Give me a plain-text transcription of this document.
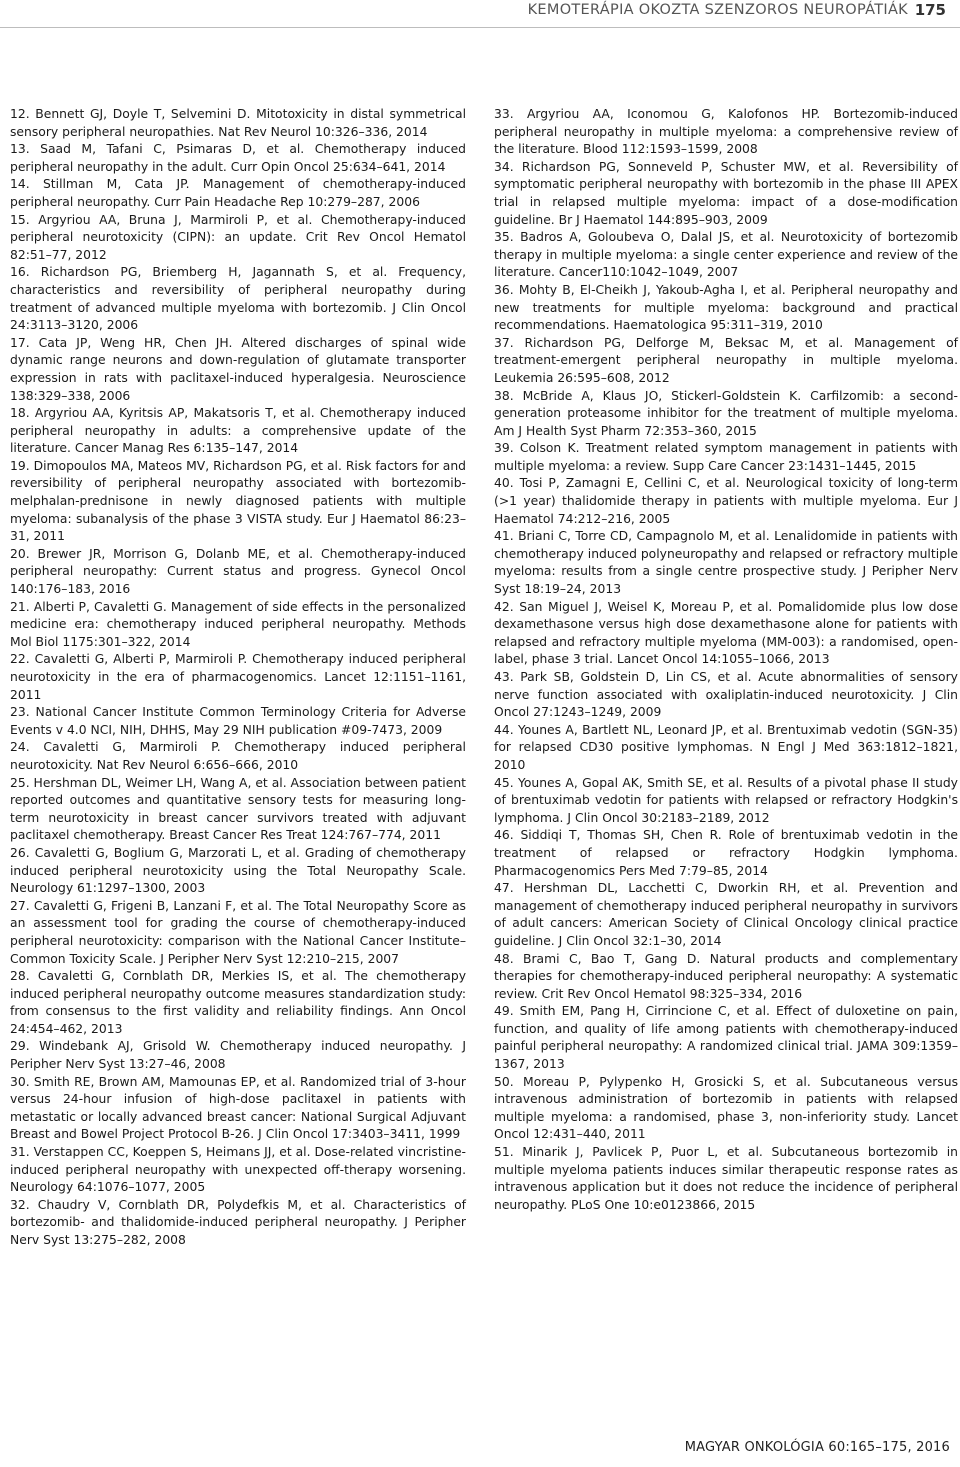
KEMOTERÁPIA OKOZTA SZENZOROS NEUROPÁTIÁK 175

12. Bennett GJ, Doyle T, Selvemini D. Mitotoxicity in distal symmetrical sensory peripheral neuropathies. Nat Rev Neurol 10:326–336, 2014

13. Saad M, Tafani C, Psimaras D, et al. Chemotherapy induced peripheral neuropathy in the adult. Curr Opin Oncol 25:634–641, 2014

14. Stillman M, Cata JP. Management of chemotherapy-induced peripheral neuropathy. Curr Pain Headache Rep 10:279–287, 2006

15. Argyriou AA, Bruna J, Marmiroli P, et al. Chemotherapy-induced peripheral neurotoxicity (CIPN): an update. Crit Rev Oncol Hematol 82:51–77, 2012

16. Richardson PG, Briemberg H, Jagannath S, et al. Frequency, characteristics and reversibility of peripheral neuropathy during treatment of advanced multiple myeloma with bortezomib. J Clin Oncol 24:3113–3120, 2006

17. Cata JP, Weng HR, Chen JH. Altered discharges of spinal wide dynamic range neurons and down-regulation of glutamate transporter expression in rats with paclitaxel-induced hyperalgesia. Neuroscience 138:329–338, 2006

18. Argyriou AA, Kyritsis AP, Makatsoris T, et al. Chemotherapy induced peripheral neuropathy in adults: a comprehensive update of the literature. Cancer Manag Res 6:135–147, 2014

19. Dimopoulos MA, Mateos MV, Richardson PG, et al. Risk factors for and reversibility of peripheral neuropathy associated with bortezomib-melphalan-prednisone in newly diagnosed patients with multiple myeloma: subanalysis of the phase 3 VISTA study. Eur J Haematol 86:23–31, 2011

20. Brewer JR, Morrison G, Dolanb ME, et al. Chemotherapy-induced peripheral neuropathy: Current status and progress. Gynecol Oncol 140:176–183, 2016

21. Alberti P, Cavaletti G. Management of side effects in the personalized medicine era: chemotherapy induced peripheral neuropathy. Methods Mol Biol 1175:301–322, 2014

22. Cavaletti G, Alberti P, Marmiroli P. Chemotherapy induced peripheral neurotoxicity in the era of pharmacogenomics. Lancet 12:1151–1161, 2011

23. National Cancer Institute Common Terminology Criteria for Adverse Events v 4.0 NCI, NIH, DHHS, May 29 NIH publication #09-7473, 2009

24. Cavaletti G, Marmiroli P. Chemotherapy induced peripheral neurotoxicity. Nat Rev Neurol 6:656–666, 2010

25. Hershman DL, Weimer LH, Wang A, et al. Association between patient reported outcomes and quantitative sensory tests for measuring long-term neurotoxicity in breast cancer survivors treated with adjuvant paclitaxel chemotherapy. Breast Cancer Res Treat 124:767–774, 2011

26. Cavaletti G, Boglium G, Marzorati L, et al. Grading of chemotherapy induced peripheral neurotoxicity using the Total Neuropathy Scale. Neurology 61:1297–1300, 2003

27. Cavaletti G, Frigeni B, Lanzani F, et al. The Total Neuropathy Score as an assessment tool for grading the course of chemotherapy-induced peripheral neurotoxicity: comparison with the National Cancer Institute–Common Toxicity Scale. J Peripher Nerv Syst 12:210–215, 2007

28. Cavaletti G, Cornblath DR, Merkies IS, et al. The chemotherapy induced peripheral neuropathy outcome measures standardization study: from consensus to the first validity and reliability findings. Ann Oncol 24:454–462, 2013

29. Windebank AJ, Grisold W. Chemotherapy induced neuropathy. J Peripher Nerv Syst 13:27–46, 2008

30. Smith RE, Brown AM, Mamounas EP, et al. Randomized trial of 3-hour versus 24-hour infusion of high-dose paclitaxel in patients with metastatic or locally advanced breast cancer: National Surgical Adjuvant Breast and Bowel Project Protocol B-26. J Clin Oncol 17:3403–3411, 1999

31. Verstappen CC, Koeppen S, Heimans JJ, et al. Dose-related vincristine-induced peripheral neuropathy with unexpected off-therapy worsening. Neurology 64:1076–1077, 2005

32. Chaudry V, Cornblath DR, Polydefkis M, et al. Characteristics of bortezomib- and thalidomide-induced peripheral neuropathy. J Peripher Nerv Syst 13:275–282, 2008

33. Argyriou AA, Iconomou G, Kalofonos HP. Bortezomib-induced peripheral neuropathy in multiple myeloma: a comprehensive review of the literature. Blood 112:1593–1599, 2008

34. Richardson PG, Sonneveld P, Schuster MW, et al. Reversibility of symptomatic peripheral neuropathy with bortezomib in the phase III APEX trial in relapsed multiple myeloma: impact of a dose-modification guideline. Br J Haematol 144:895–903, 2009

35. Badros A, Goloubeva O, Dalal JS, et al. Neurotoxicity of bortezomib therapy in multiple myeloma: a single center experience and review of the literature. Cancer110:1042–1049, 2007

36. Mohty B, El-Cheikh J, Yakoub-Agha I, et al. Peripheral neuropathy and new treatments for multiple myeloma: background and practical recommendations. Haematologica 95:311–319, 2010

37. Richardson PG, Delforge M, Beksac M, et al. Management of treatment-emergent peripheral neuropathy in multiple myeloma. Leukemia 26:595–608, 2012

38. McBride A, Klaus JO, Stickerl-Goldstein K. Carfilzomib: a second-generation proteasome inhibitor for the treatment of multiple myeloma. Am J Health Syst Pharm 72:353–360, 2015

39. Colson K. Treatment related symptom management in patients with multiple myeloma: a review. Supp Care Cancer 23:1431–1445, 2015

40. Tosi P, Zamagni E, Cellini C, et al. Neurological toxicity of long-term (>1 year) thalidomide therapy in patients with multiple myeloma. Eur J Haematol 74:212–216, 2005

41. Briani C, Torre CD, Campagnolo M, et al. Lenalidomide in patients with chemotherapy induced polyneuropathy and relapsed or refractory multiple myeloma: results from a single centre prospective study. J Peripher Nerv Syst 18:19–24, 2013

42. San Miguel J, Weisel K, Moreau P, et al. Pomalidomide plus low dose dexamethasone versus high dose dexamethasone alone for patients with relapsed and refractory multiple myeloma (MM-003): a randomised, open-label, phase 3 trial. Lancet Oncol 14:1055–1066, 2013

43. Park SB, Goldstein D, Lin CS, et al. Acute abnormalities of sensory nerve function associated with oxaliplatin-induced neurotoxicity. J Clin Oncol 27:1243–1249, 2009

44. Younes A, Bartlett NL, Leonard JP, et al. Brentuximab vedotin (SGN-35) for relapsed CD30 positive lymphomas. N Engl J Med 363:1812–1821, 2010

45. Younes A, Gopal AK, Smith SE, et al. Results of a pivotal phase II study of brentuximab vedotin for patients with relapsed or refractory Hodgkin's lymphoma. J Clin Oncol 30:2183–2189, 2012

46. Siddiqi T, Thomas SH, Chen R. Role of brentuximab vedotin in the treatment of relapsed or refractory Hodgkin lymphoma. Pharmacogenomics Pers Med 7:79–85, 2014

47. Hershman DL, Lacchetti C, Dworkin RH, et al. Prevention and management of chemotherapy induced peripheral neuropathy in survivors of adult cancers: American Society of Clinical Oncology clinical practice guideline. J Clin Oncol 32:1–30, 2014

48. Brami C, Bao T, Gang D. Natural products and complementary therapies for chemotherapy-induced peripheral neuropathy: A systematic review. Crit Rev Oncol Hematol 98:325–334, 2016

49. Smith EM, Pang H, Cirrincione C, et al. Effect of duloxetine on pain, function, and quality of life among patients with chemotherapy-induced painful peripheral neuropathy: A randomized clinical trial. JAMA 309:1359–1367, 2013

50. Moreau P, Pylypenko H, Grosicki S, et al. Subcutaneous versus intravenous administration of bortezomib in patients with relapsed multiple myeloma: a randomised, phase 3, non-inferiority study. Lancet Oncol 12:431–440, 2011

51. Minarik J, Pavlicek P, Puor L, et al. Subcutaneous bortezomib in multiple myeloma patients induces similar therapeutic response rates as intravenous application but it does not reduce the incidence of peripheral neuropathy. PLoS One 10:e0123866, 2015

MAGYAR ONKOLÓGIA 60:165–175, 2016
